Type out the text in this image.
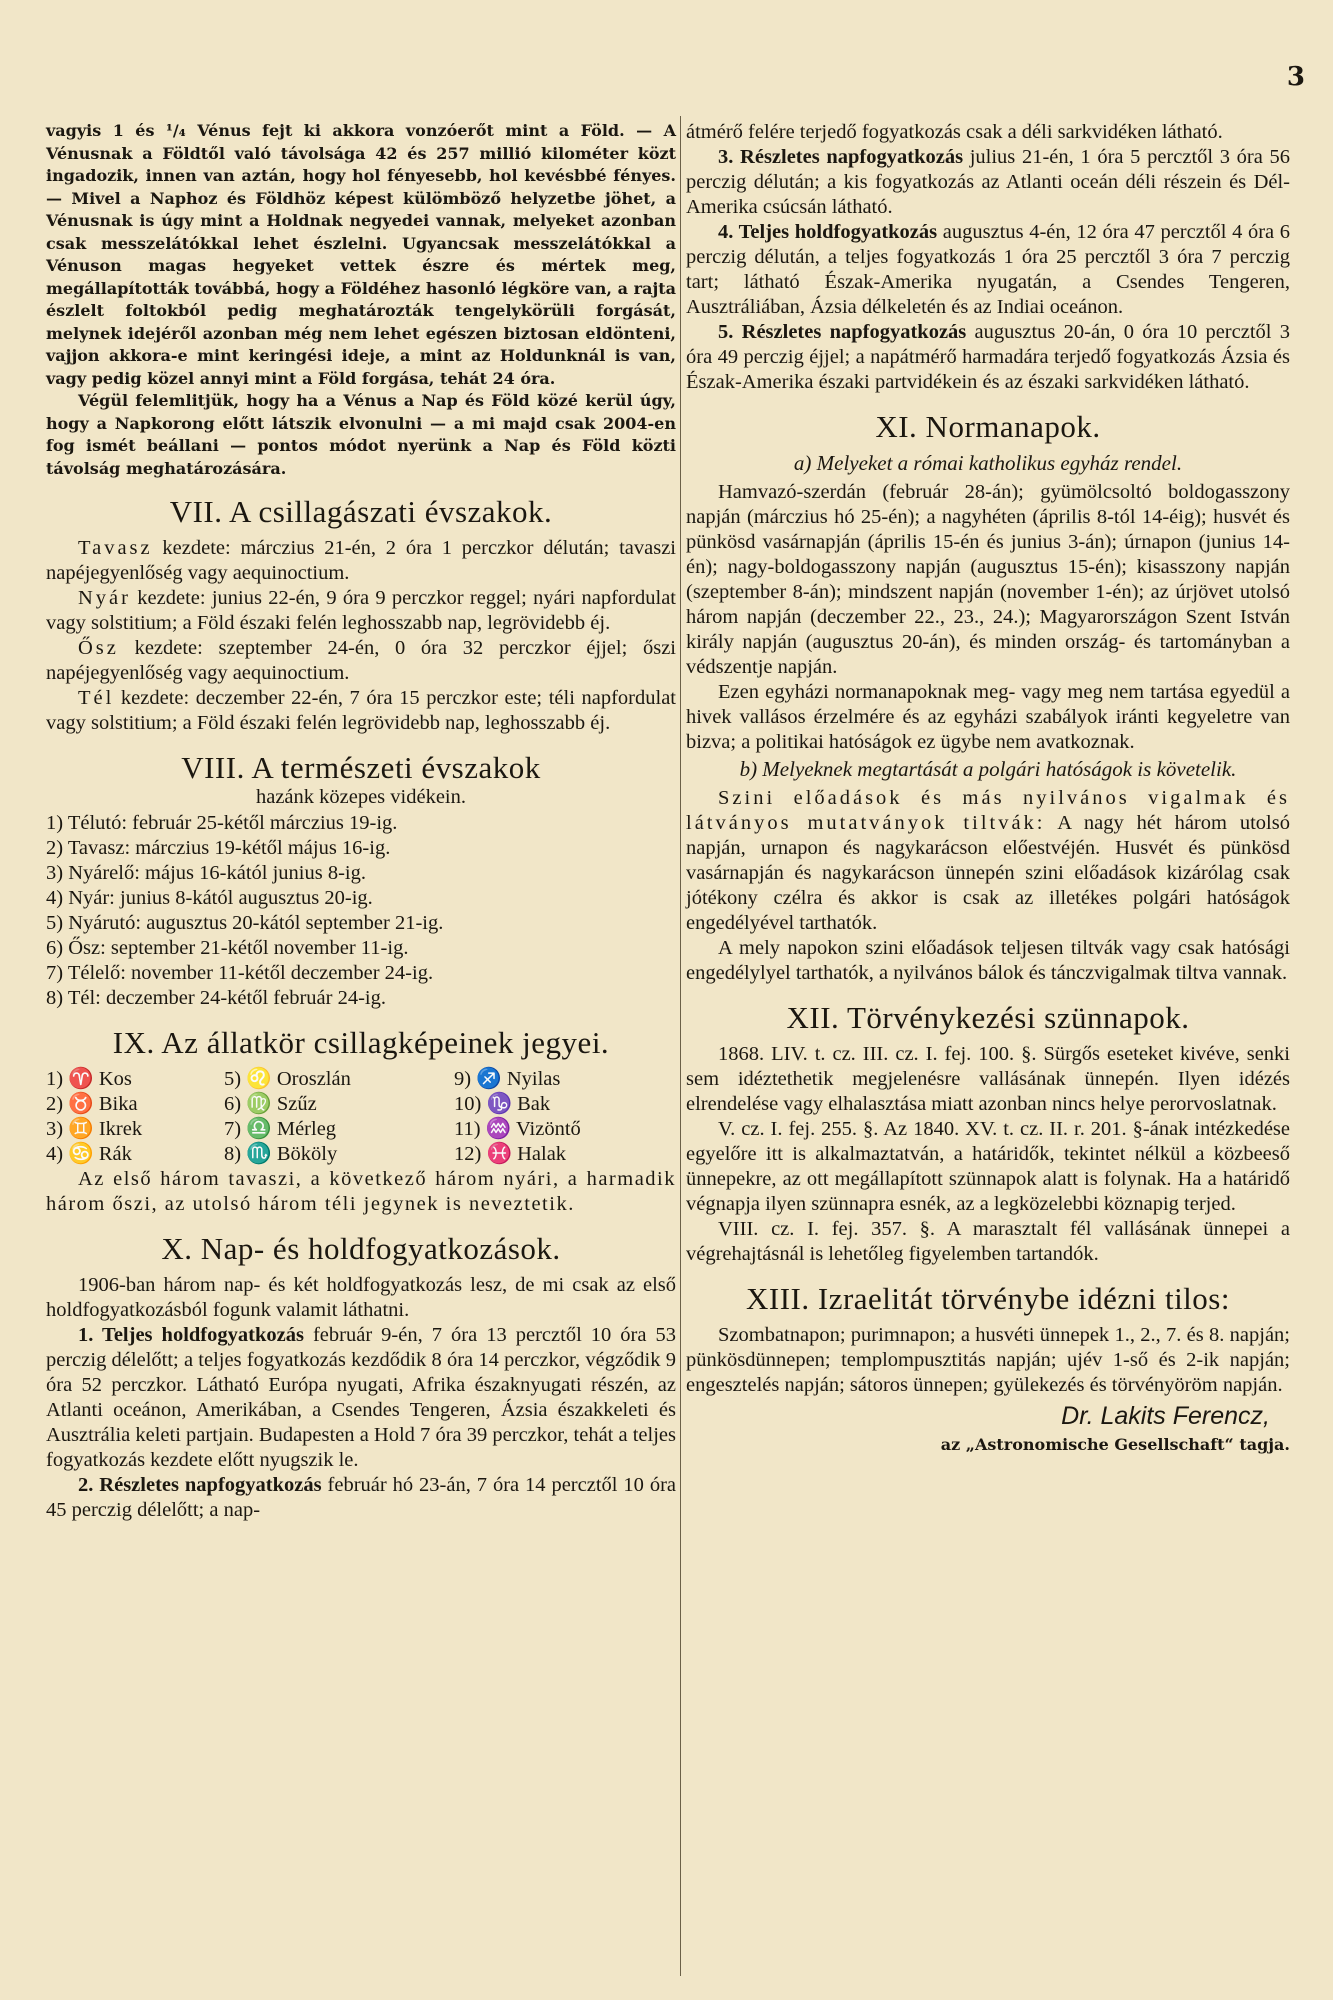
3

vagyis 1 és ¹/₄ Vénus fejt ki akkora vonzóerőt mint a Föld. — A Vénusnak a Földtől való távolsága 42 és 257 millió kilométer közt ingadozik, innen van aztán, hogy hol fényesebb, hol kevésbbé fényes. — Mivel a Naphoz és Földhöz képest külömböző helyzetbe jöhet, a Vénusnak is úgy mint a Holdnak negyedei vannak, melyeket azonban csak messzelátókkal lehet észlelni. Ugyancsak messzelátókkal a Vénuson magas hegyeket vettek észre és mértek meg, megállapították továbbá, hogy a Földéhez hasonló légköre van, a rajta észlelt foltokból pedig meghatározták tengelykörüli forgását, melynek idejéről azonban még nem lehet egészen biztosan eldönteni, vajjon akkora-e mint keringési ideje, a mint az Holdunknál is van, vagy pedig közel annyi mint a Föld forgása, tehát 24 óra.

Végül felemlitjük, hogy ha a Vénus a Nap és Föld közé kerül úgy, hogy a Napkorong előtt látszik elvonulni — a mi majd csak 2004-en fog ismét beállani — pontos módot nyerünk a Nap és Föld közti távolság meghatározására.

VII. A csillagászati évszakok.

Tavasz kezdete: márczius 21-én, 2 óra 1 perczkor délután; tavaszi napéjegyenlőség vagy aequinoctium.

Nyár kezdete: junius 22-én, 9 óra 9 perczkor reggel; nyári napfordulat vagy solstitium; a Föld északi felén leghosszabb nap, legrövidebb éj.

Ősz kezdete: szeptember 24-én, 0 óra 32 perczkor éjjel; őszi napéjegyenlőség vagy aequinoctium.

Tél kezdete: deczember 22-én, 7 óra 15 perczkor este; téli napfordulat vagy solstitium; a Föld északi felén legrövidebb nap, leghosszabb éj.

VIII. A természeti évszakok
hazánk közepes vidékein.
1) Télutó: február 25-kétől márczius 19-ig.
2) Tavasz: márczius 19-kétől május 16-ig.
3) Nyárelő: május 16-kától junius 8-ig.
4) Nyár: junius 8-kától augusztus 20-ig.
5) Nyárutó: augusztus 20-kától september 21-ig.
6) Ősz: september 21-kétől november 11-ig.
7) Télelő: november 11-kétől deczember 24-ig.
8) Tél: deczember 24-kétől február 24-ig.
IX. Az állatkör csillagképeinek jegyei.
1) ♈ Kos	5) ♌ Oroszlán	9) ♐ Nyilas
2) ♉ Bika	6) ♍ Szűz	10) ♑ Bak
3) ♊ Ikrek	7) ♎ Mérleg	11) ♒ Vizöntő
4) ♋ Rák	8) ♏ Bököly	12) ♓ Halak

Az első három tavaszi, a következő három nyári, a harmadik három őszi, az utolsó három téli jegynek is neveztetik.

X. Nap- és holdfogyatkozások.

1906-ban három nap- és két holdfogyatkozás lesz, de mi csak az első holdfogyatkozásból fogunk valamit láthatni.

1. Teljes holdfogyatkozás február 9-én, 7 óra 13 percztől 10 óra 53 perczig délelőtt; a teljes fogyatkozás kezdődik 8 óra 14 perczkor, végződik 9 óra 52 perczkor. Látható Európa nyugati, Afrika északnyugati részén, az Atlanti oceánon, Amerikában, a Csendes Tengeren, Ázsia északkeleti és Ausztrália keleti partjain. Budapesten a Hold 7 óra 39 perczkor, tehát a teljes fogyatkozás kezdete előtt nyugszik le.

2. Részletes napfogyatkozás február hó 23-án, 7 óra 14 percztől 10 óra 45 perczig délelőtt; a nap-

átmérő felére terjedő fogyatkozás csak a déli sarkvidéken látható.

3. Részletes napfogyatkozás julius 21-én, 1 óra 5 percztől 3 óra 56 perczig délután; a kis fogyatkozás az Atlanti oceán déli részein és Dél-Amerika csúcsán látható.

4. Teljes holdfogyatkozás augusztus 4-én, 12 óra 47 percztől 4 óra 6 perczig délután, a teljes fogyatkozás 1 óra 25 percztől 3 óra 7 perczig tart; látható Észak-Amerika nyugatán, a Csendes Tengeren, Ausztráliában, Ázsia délkeletén és az Indiai oceánon.

5. Részletes napfogyatkozás augusztus 20-án, 0 óra 10 percztől 3 óra 49 perczig éjjel; a napátmérő harmadára terjedő fogyatkozás Ázsia és Észak-Amerika északi partvidékein és az északi sarkvidéken látható.

XI. Normanapok.
a) Melyeket a római katholikus egyház rendel.

Hamvazó-szerdán (február 28-án); gyümölcsoltó boldogasszony napján (márczius hó 25-én); a nagyhéten (április 8-tól 14-éig); husvét és pünkösd vasárnapján (április 15-én és junius 3-án); úrnapon (junius 14-én); nagy-boldogasszony napján (augusztus 15-én); kisasszony napján (szeptember 8-án); mindszent napján (november 1-én); az úrjövet utolsó három napján (deczember 22., 23., 24.); Magyarországon Szent István király napján (augusztus 20-án), és minden ország- és tartományban a védszentje napján.

Ezen egyházi normanapoknak meg- vagy meg nem tartása egyedül a hivek vallásos érzelmére és az egyházi szabályok iránti kegyeletre van bizva; a politikai hatóságok ez ügybe nem avatkoznak.

b) Melyeknek megtartását a polgári hatóságok is követelik.

Szini előadások és más nyilvános vigalmak és látványos mutatványok tiltvák: A nagy hét három utolsó napján, urnapon és nagykarácson előestvéjén. Husvét és pünkösd vasárnapján és nagykarácson ünnepén szini előadások kizárólag csak jótékony czélra és akkor is csak az illetékes polgári hatóságok engedélyével tarthatók.

A mely napokon szini előadások teljesen tiltvák vagy csak hatósági engedélylyel tarthatók, a nyilvános bálok és tánczvigalmak tiltva vannak.

XII. Törvénykezési szünnapok.

1868. LIV. t. cz. III. cz. I. fej. 100. §. Sürgős eseteket kivéve, senki sem idéztethetik megjelenésre vallásának ünnepén. Ilyen idézés elrendelése vagy elhalasztása miatt azonban nincs helye perorvoslatnak.

V. cz. I. fej. 255. §. Az 1840. XV. t. cz. II. r. 201. §-ának intézkedése egyelőre itt is alkalmaztatván, a határidők, tekintet nélkül a közbeeső ünnepekre, az ott megállapított szünnapok alatt is folynak. Ha a határidő végnapja ilyen szünnapra esnék, az a legközelebbi köznapig terjed.

VIII. cz. I. fej. 357. §. A marasztalt fél vallásának ünnepei a végrehajtásnál is lehetőleg figyelemben tartandók.

XIII. Izraelitát törvénybe idézni tilos:

Szombatnapon; purimnapon; a husvéti ünnepek 1., 2., 7. és 8. napján; pünkösdünnepen; templompusztitás napján; ujév 1-ső és 2-ik napján; engesztelés napján; sátoros ünnepen; gyülekezés és törvényöröm napján.

Dr. Lakits Ferencz,
az „Astronomische Gesellschaft“ tagja.
